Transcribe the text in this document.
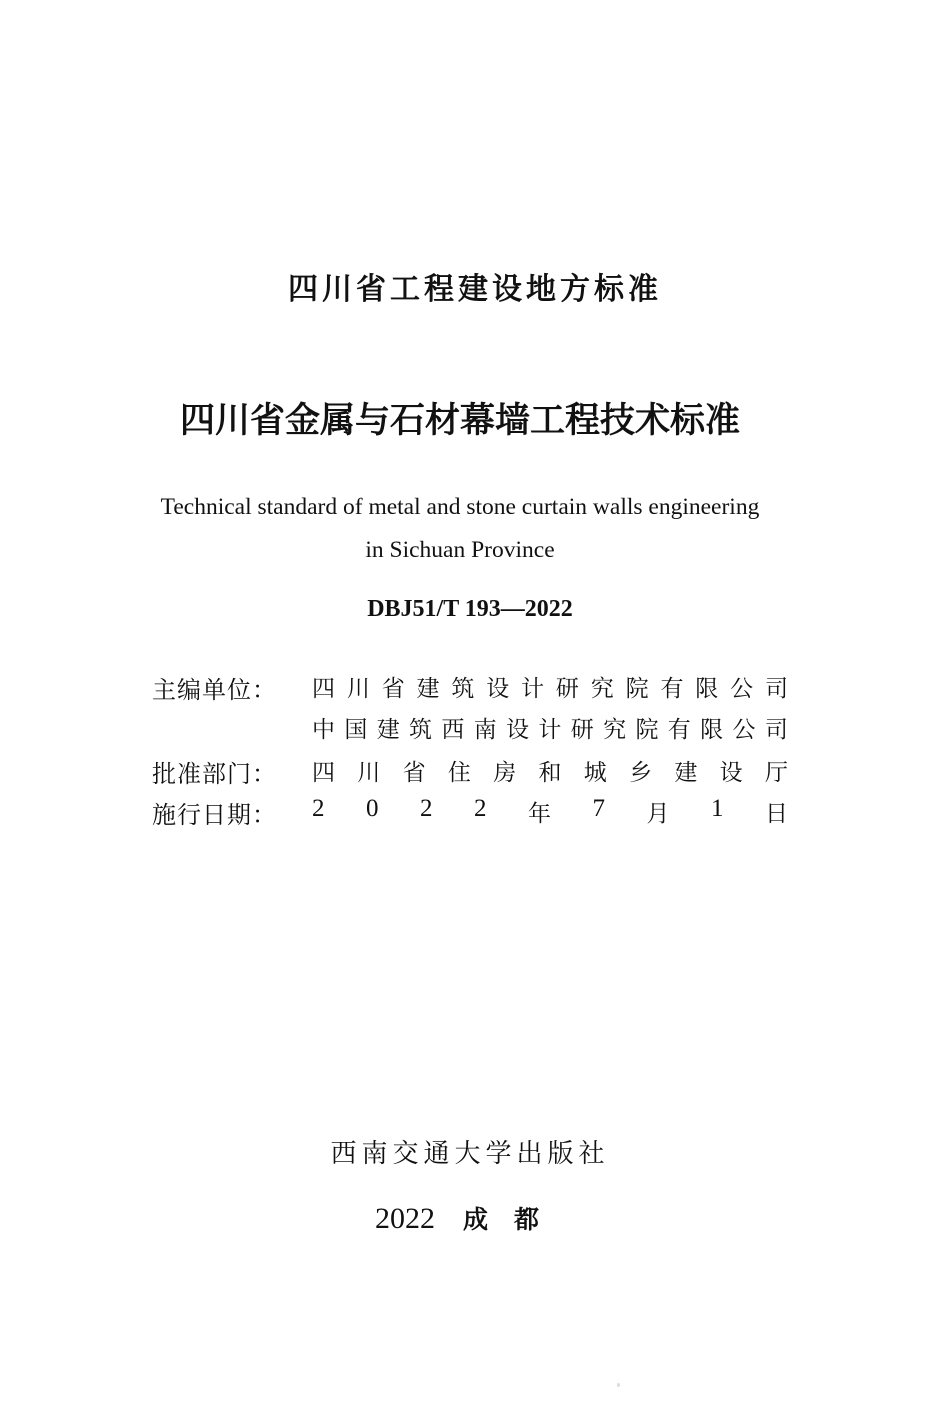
四川省工程建设地方标准
四川省金属与石材幕墙工程技术标准
Technical standard of metal and stone curtain walls engineering
in Sichuan Province
DBJ51/T 193—2022
主编单位： 四 川 省 建 筑 设 计 研 究 院 有 限 公 司
中 国 建 筑 西 南 设 计 研 究 院 有 限 公 司
批准部门： 四 川 省 住 房 和 城 乡 建 设 厅
施行日期： 2 0 2 2 年 7 月 1 日
西南交通大学出版社
2022 成都
